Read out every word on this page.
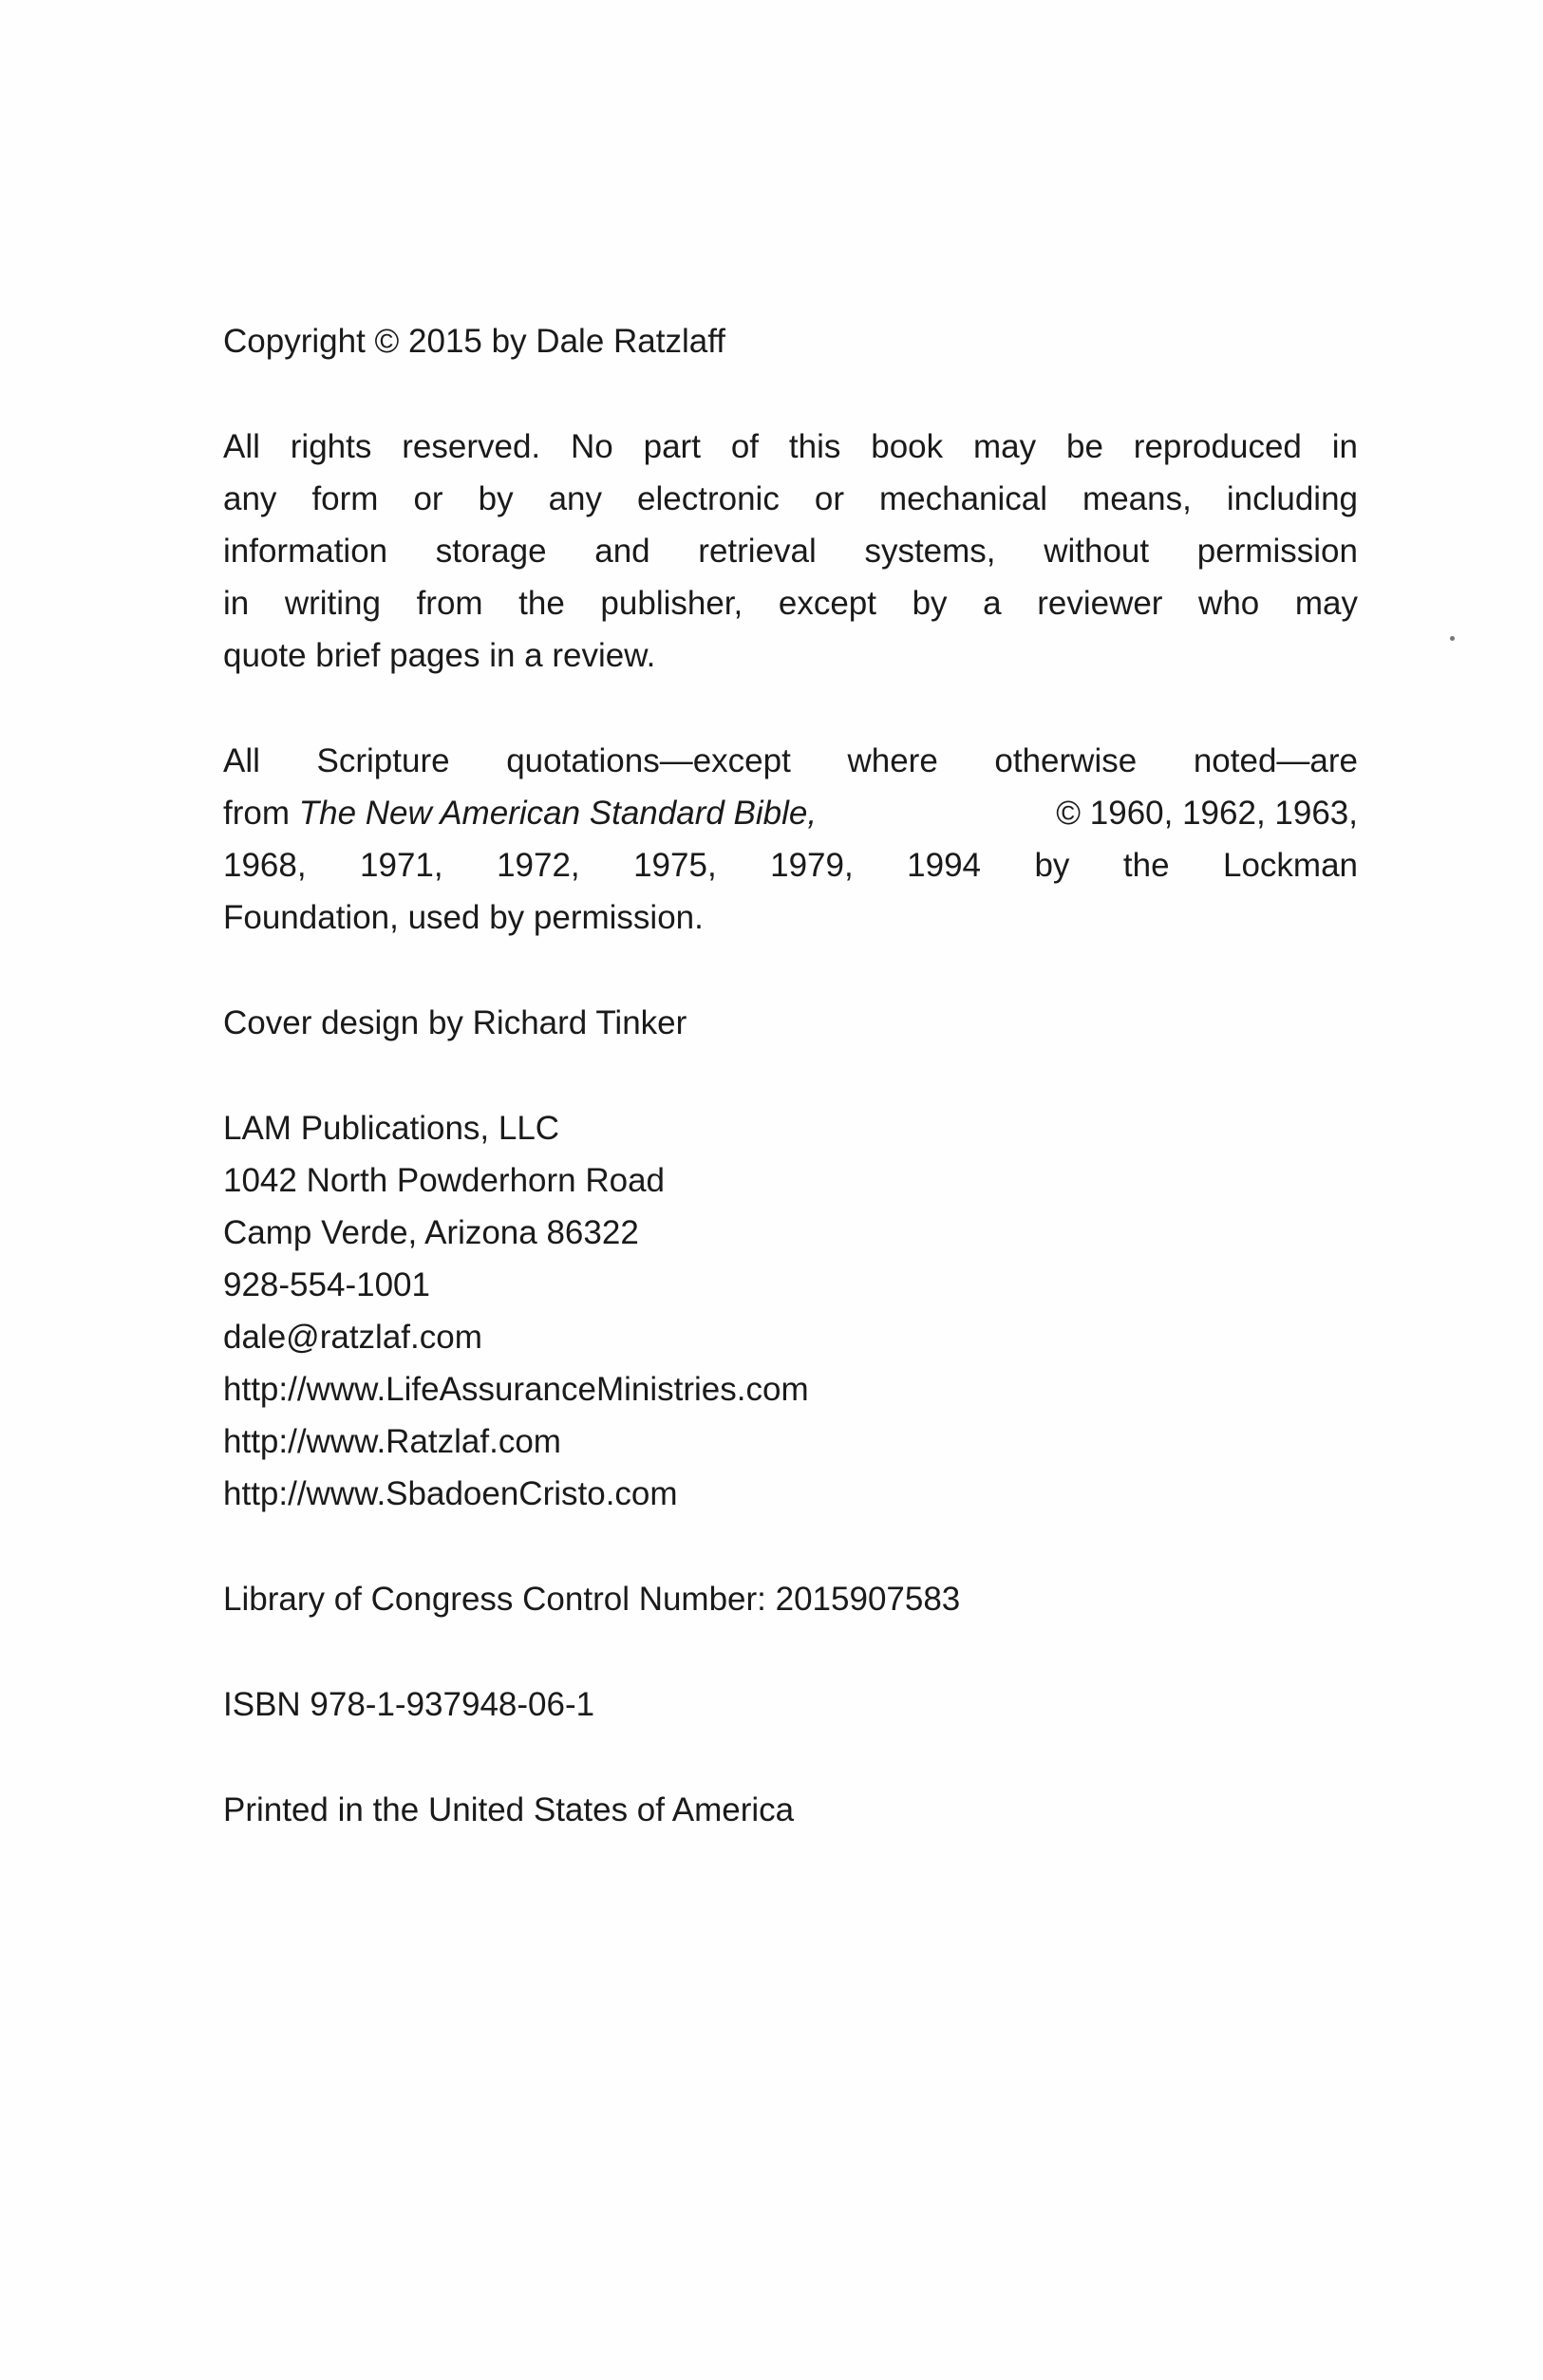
Copyright © 2015 by Dale Ratzlaff

All rights reserved. No part of this book may be reproduced in
any form or by any electronic or mechanical means, including
information storage and retrieval systems, without permission
in writing from the publisher, except by a reviewer who may
quote brief pages in a review.

All Scripture quotations—except where otherwise noted—are
from The New American Standard Bible,	© 1960, 1962, 1963,
1968, 1971, 1972, 1975, 1979, 1994 by the Lockman
Foundation, used by permission.

Cover design by Richard Tinker

LAM Publications, LLC
1042 North Powderhorn Road
Camp Verde, Arizona 86322
928-554-1001
dale@ratzlaf.com
http://www.LifeAssuranceMinistries.com
http://www.Ratzlaf.com
http://www.SbadoenCristo.com

Library of Congress Control Number: 2015907583

ISBN 978-1-937948-06-1

Printed in the United States of America
